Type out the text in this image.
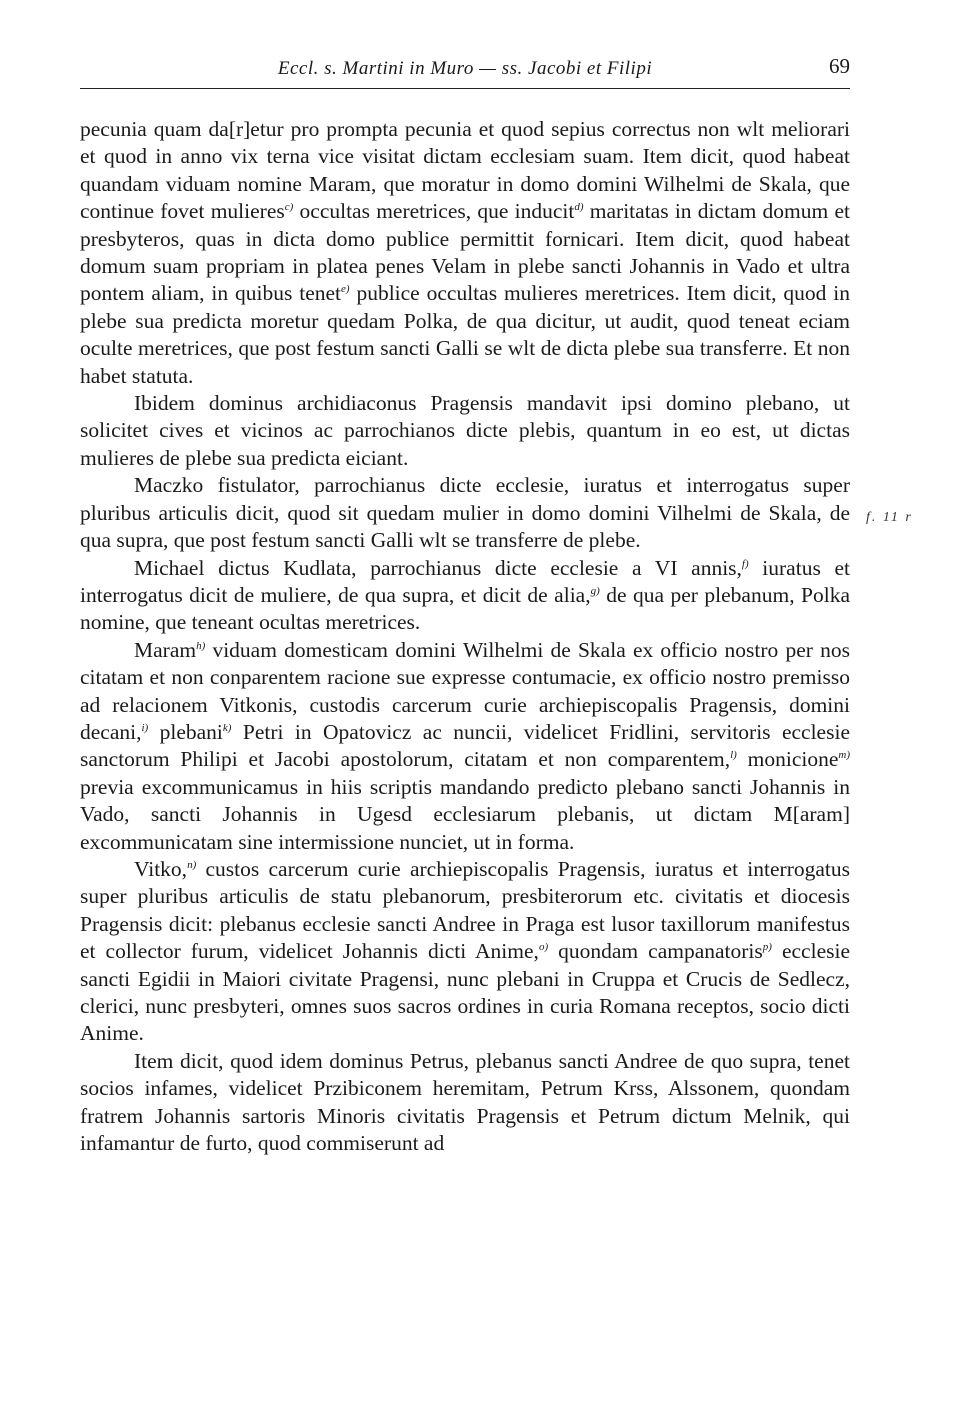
Eccl. s. Martini in Muro — ss. Jacobi et Filipi	69
f. 11 r

pecunia quam da[r]etur pro prompta pecunia et quod sepius correctus non wlt meliorari et quod in anno vix terna vice visitat dictam ecclesiam suam. Item dicit, quod habeat quandam viduam nomine Maram, que moratur in domo domini Wilhelmi de Skala, que continue fovet mulieres$^{c)}$ occultas meretrices, que inducit$^{d)}$ maritatas in dictam domum et presbyteros, quas in dicta domo publice permittit fornicari. Item dicit, quod habeat domum suam propriam in platea penes Velam in plebe sancti Johannis in Vado et ultra pontem aliam, in quibus tenet$^{e)}$ publice occultas mulieres meretrices. Item dicit, quod in plebe sua predicta moretur quedam Polka, de qua dicitur, ut audit, quod teneat eciam oculte meretrices, que post festum sancti Galli se wlt de dicta plebe sua transferre. Et non habet statuta.

Ibidem dominus archidiaconus Pragensis mandavit ipsi domino plebano, ut solicitet cives et vicinos ac parrochianos dicte plebis, quantum in eo est, ut dictas mulieres de plebe sua predicta eiciant.

Maczko fistulator, parrochianus dicte ecclesie, iuratus et interrogatus super pluribus articulis dicit, quod sit quedam mulier in domo domini Vilhelmi de Skala, de qua supra, que post festum sancti Galli wlt se transferre de plebe.

Michael dictus Kudlata, parrochianus dicte ecclesie a VI annis,$^{f)}$ iuratus et interrogatus dicit de muliere, de qua supra, et dicit de alia,$^{g)}$ de qua per plebanum, Polka nomine, que teneant ocultas meretrices.

Maram$^{h)}$ viduam domesticam domini Wilhelmi de Skala ex officio nostro per nos citatam et non conparentem racione sue expresse contumacie, ex officio nostro premisso ad relacionem Vitkonis, custodis carcerum curie archiepiscopalis Pragensis, domini decani,$^{i)}$ plebani$^{k)}$ Petri in Opatovicz ac nuncii, videlicet Fridlini, servitoris ecclesie sanctorum Philipi et Jacobi apostolorum, citatam et non comparentem,$^{l)}$ monicione$^{m)}$ previa excommunicamus in hiis scriptis mandando predicto plebano sancti Johannis in Vado, sancti Johannis in Ugesd ecclesiarum plebanis, ut dictam M[aram] excommunicatam sine intermissione nunciet, ut in forma.

Vitko,$^{n)}$ custos carcerum curie archiepiscopalis Pragensis, iuratus et interrogatus super pluribus articulis de statu plebanorum, presbiterorum etc. civitatis et diocesis Pragensis dicit: plebanus ecclesie sancti Andree in Praga est lusor taxillorum manifestus et collector furum, videlicet Johannis dicti Anime,$^{o)}$ quondam campanatoris$^{p)}$ ecclesie sancti Egidii in Maiori civitate Pragensi, nunc plebani in Cruppa et Crucis de Sedlecz, clerici, nunc presbyteri, omnes suos sacros ordines in curia Romana receptos, socio dicti Anime.

Item dicit, quod idem dominus Petrus, plebanus sancti Andree de quo supra, tenet socios infames, videlicet Przibiconem heremitam, Petrum Krss, Alssonem, quondam fratrem Johannis sartoris Minoris civitatis Pragensis et Petrum dictum Melnik, qui infamantur de furto, quod commiserunt ad
